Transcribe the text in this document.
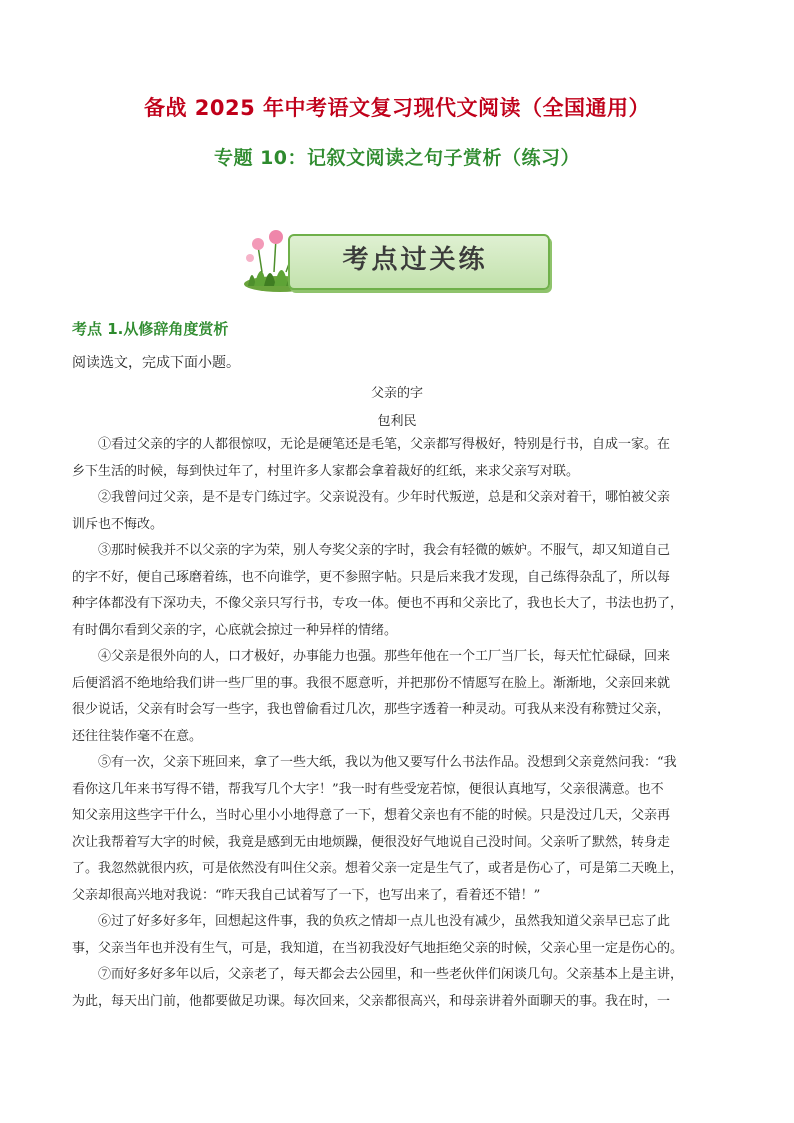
备战 2025 年中考语文复习现代文阅读（全国通用）
专题 10：记叙文阅读之句子赏析（练习）
考点过关练
考点 1.从修辞角度赏析
阅读选文，完成下面小题。
父亲的字
包利民
①看过父亲的字的人都很惊叹，无论是硬笔还是毛笔，父亲都写得极好，特别是行书，自成一家。在
乡下生活的时候，每到快过年了，村里许多人家都会拿着裁好的红纸，来求父亲写对联。
②我曾问过父亲，是不是专门练过字。父亲说没有。少年时代叛逆，总是和父亲对着干，哪怕被父亲
训斥也不悔改。
③那时候我并不以父亲的字为荣，别人夸奖父亲的字时，我会有轻微的嫉妒。不服气，却又知道自己
的字不好，便自己琢磨着练，也不向谁学，更不参照字帖。只是后来我才发现，自己练得杂乱了，所以每
种字体都没有下深功夫，不像父亲只写行书，专攻一体。便也不再和父亲比了，我也长大了，书法也扔了，
有时偶尔看到父亲的字，心底就会掠过一种异样的情绪。
④父亲是很外向的人，口才极好，办事能力也强。那些年他在一个工厂当厂长，每天忙忙碌碌，回来
后便滔滔不绝地给我们讲一些厂里的事。我很不愿意听，并把那份不情愿写在脸上。渐渐地，父亲回来就
很少说话，父亲有时会写一些字，我也曾偷看过几次，那些字透着一种灵动。可我从来没有称赞过父亲，
还往往装作毫不在意。
⑤有一次，父亲下班回来，拿了一些大纸，我以为他又要写什么书法作品。没想到父亲竟然问我：“我
看你这几年来书写得不错，帮我写几个大字！”我一时有些受宠若惊，便很认真地写，父亲很满意。也不
知父亲用这些字干什么，当时心里小小地得意了一下，想着父亲也有不能的时候。只是没过几天，父亲再
次让我帮着写大字的时候，我竟是感到无由地烦躁，便很没好气地说自己没时间。父亲听了默然，转身走
了。我忽然就很内疚，可是依然没有叫住父亲。想着父亲一定是生气了，或者是伤心了，可是第二天晚上，
父亲却很高兴地对我说：“昨天我自己试着写了一下，也写出来了，看着还不错！”
⑥过了好多好多年，回想起这件事，我的负疚之情却一点儿也没有减少，虽然我知道父亲早已忘了此
事，父亲当年也并没有生气，可是，我知道，在当初我没好气地拒绝父亲的时候，父亲心里一定是伤心的。
⑦而好多好多年以后，父亲老了，每天都会去公园里，和一些老伙伴们闲谈几句。父亲基本上是主讲，
为此，每天出门前，他都要做足功课。每次回来，父亲都很高兴，和母亲讲着外面聊天的事。我在时，一
